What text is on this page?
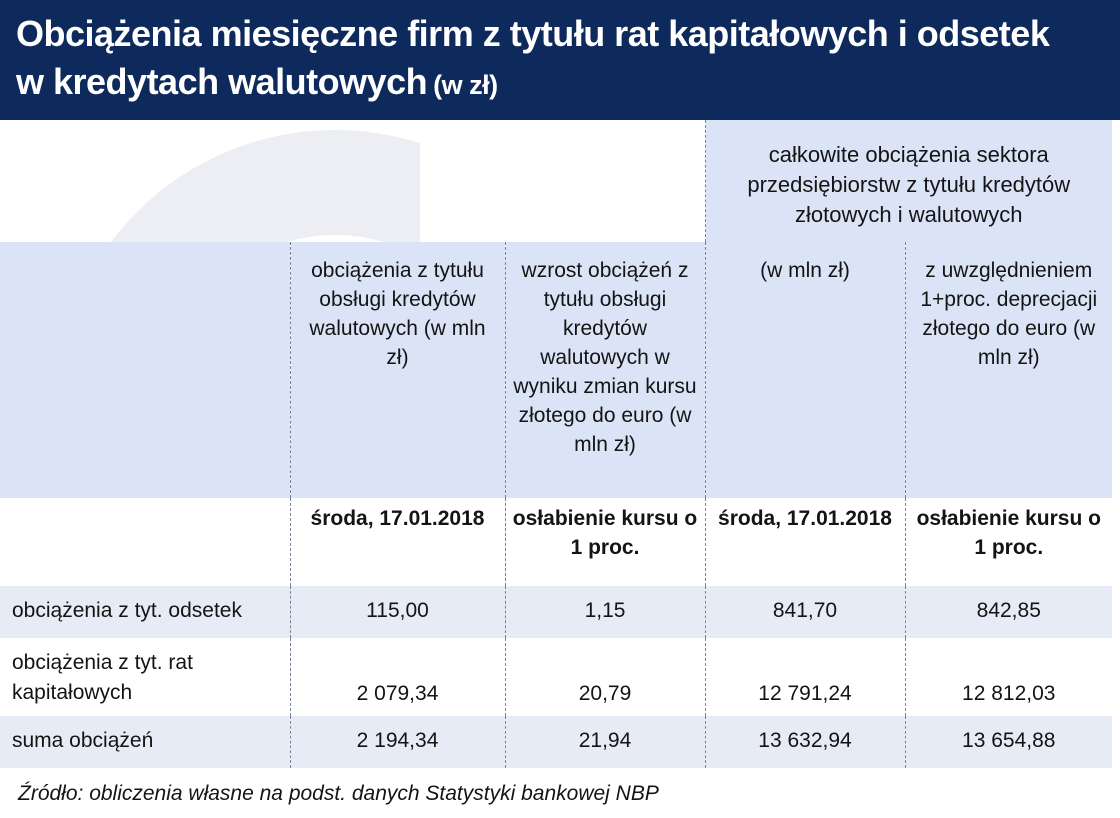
Obciążenia miesięczne firm z tytułu rat kapitałowych i odsetek
w kredytach walutowych (w zł)
			całkowite obciążenia sektora przedsiębiorstw z tytułu kredytów złotowych i walutowych	
	obciążenia z tytułu obsługi kredytów walutowych (w mln zł)	wzrost obciążeń z tytułu obsługi kredytów walutowych w wyniku zmian kursu złotego do euro (w mln zł)	(w mln zł)	z uwzględnieniem 1+proc. deprecjacji złotego do euro (w mln zł)
	środa, 17.01.2018	osłabienie kursu o 1 proc.	środa, 17.01.2018	osłabienie kursu o 1 proc.
obciążenia z tyt. odsetek	115,00	1,15	841,70	842,85
obciążenia z tyt. rat kapitałowych	2 079,34	20,79	12 791,24	12 812,03
suma obciążeń	2 194,34	21,94	13 632,94	13 654,88
Źródło: obliczenia własne na podst. danych Statystyki bankowej NBP
